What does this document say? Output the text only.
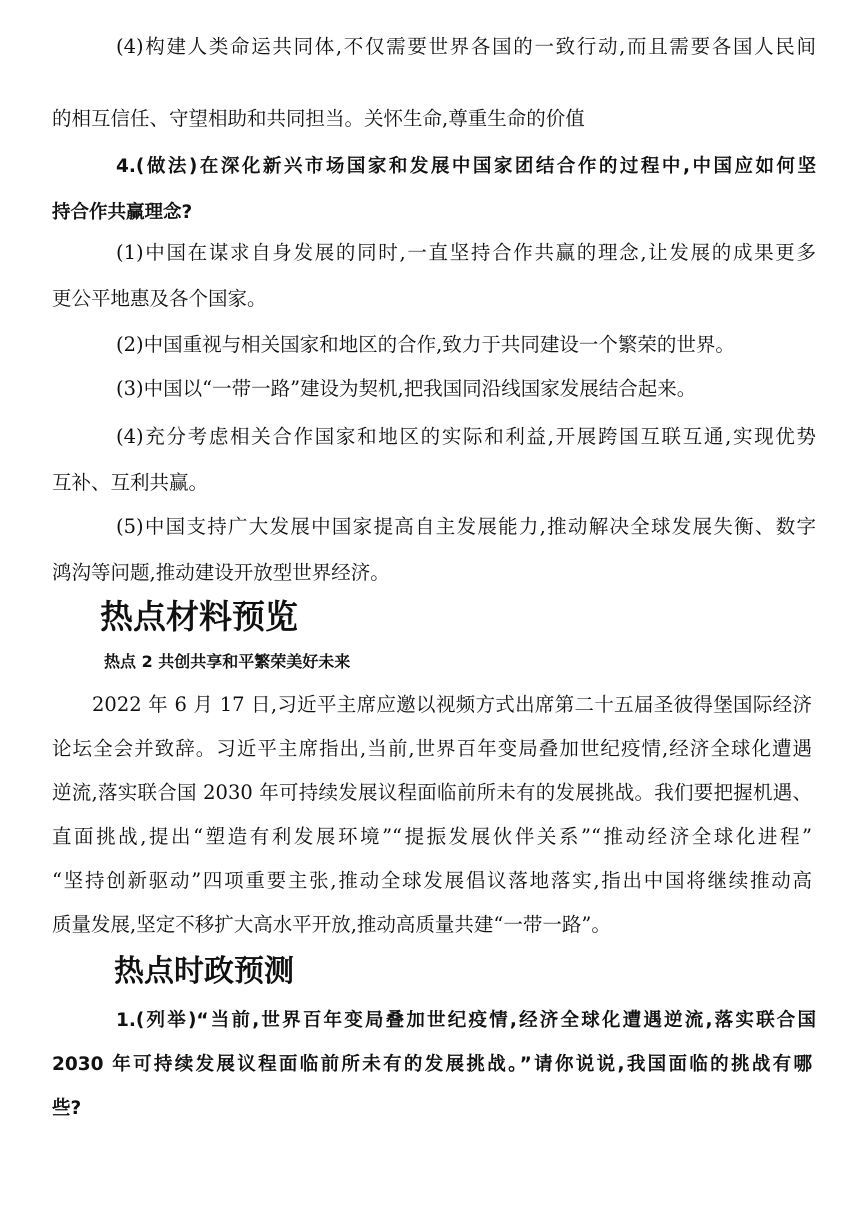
(4)构建人类命运共同体,不仅需要世界各国的一致行动,而且需要各国人民间
的相互信任、守望相助和共同担当。关怀生命,尊重生命的价值
4.(做法)在深化新兴市场国家和发展中国家团结合作的过程中,中国应如何坚
持合作共赢理念?
(1)中国在谋求自身发展的同时,一直坚持合作共赢的理念,让发展的成果更多
更公平地惠及各个国家。
(2)中国重视与相关国家和地区的合作,致力于共同建设一个繁荣的世界。
(3)中国以“一带一路”建设为契机,把我国同沿线国家发展结合起来。
(4)充分考虑相关合作国家和地区的实际和利益,开展跨国互联互通,实现优势
互补、互利共赢。
(5)中国支持广大发展中国家提高自主发展能力,推动解决全球发展失衡、数字
鸿沟等问题,推动建设开放型世界经济。
热点材料预览
热点 2 共创共享和平繁荣美好未来
2022 年 6 月 17 日,习近平主席应邀以视频方式出席第二十五届圣彼得堡国际经济
论坛全会并致辞。习近平主席指出,当前,世界百年变局叠加世纪疫情,经济全球化遭遇
逆流,落实联合国 2030 年可持续发展议程面临前所未有的发展挑战。我们要把握机遇、
直面挑战,提出“塑造有利发展环境”“提振发展伙伴关系”“推动经济全球化进程”
“坚持创新驱动”四项重要主张,推动全球发展倡议落地落实,指出中国将继续推动高
质量发展,坚定不移扩大高水平开放,推动高质量共建“一带一路”。
热点时政预测
1.(列举)“当前,世界百年变局叠加世纪疫情,经济全球化遭遇逆流,落实联合国
2030 年可持续发展议程面临前所未有的发展挑战。”请你说说,我国面临的挑战有哪
些?
